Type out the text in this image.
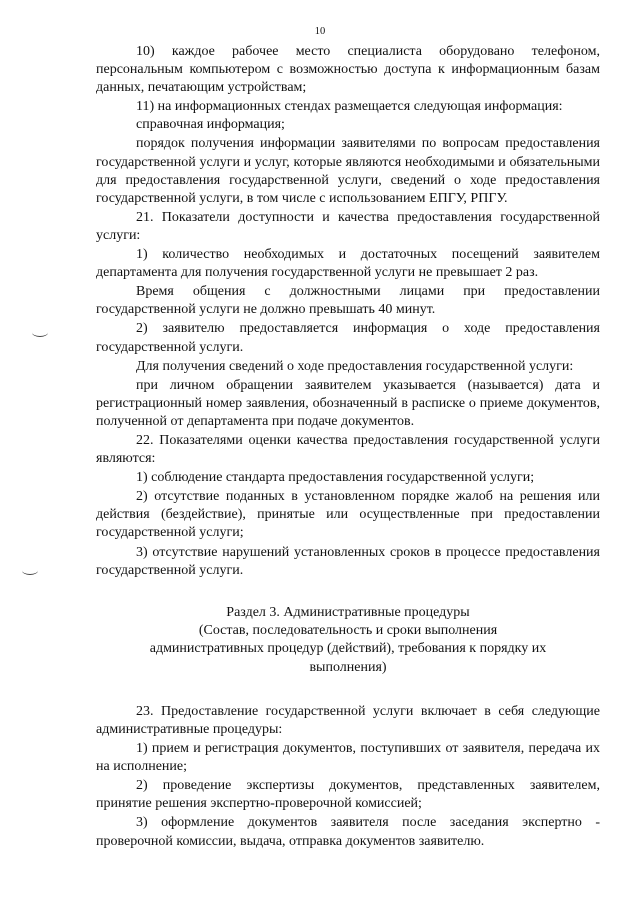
10

10) каждое рабочее место специалиста оборудовано телефоном, персональным компьютером с возможностью доступа к информационным базам данных, печатающим устройствам;

11) на информационных стендах размещается следующая информация:

справочная информация;

порядок получения информации заявителями по вопросам предоставления государственной услуги и услуг, которые являются необходимыми и обязательными для предоставления государственной услуги, сведений о ходе предоставления государственной услуги, в том числе с использованием ЕПГУ, РПГУ.

21. Показатели доступности и качества предоставления государственной услуги:

1) количество необходимых и достаточных посещений заявителем департамента для получения государственной услуги не превышает 2 раз.

Время общения с должностными лицами при предоставлении государственной услуги не должно превышать 40 минут.

2) заявителю предоставляется информация о ходе предоставления государственной услуги.

Для получения сведений о ходе предоставления государственной услуги:

при личном обращении заявителем указывается (называется) дата и регистрационный номер заявления, обозначенный в расписке о приеме документов, полученной от департамента при подаче документов.

22. Показателями оценки качества предоставления государственной услуги являются:

1) соблюдение стандарта предоставления государственной услуги;

2) отсутствие поданных в установленном порядке жалоб на решения или действия (бездействие), принятые или осуществленные при предоставлении государственной услуги;

3) отсутствие нарушений установленных сроков в процессе предоставления государственной услуги.

Раздел 3. Административные процедуры
(Состав, последовательность и сроки выполнения
административных процедур (действий), требования к порядку их
выполнения)

23. Предоставление государственной услуги включает в себя следующие административные процедуры:

1) прием и регистрация документов, поступивших от заявителя, передача их на исполнение;

2) проведение экспертизы документов, представленных заявителем, принятие решения экспертно-проверочной комиссией;

3) оформление документов заявителя после заседания экспертно - проверочной комиссии, выдача, отправка документов заявителю.
